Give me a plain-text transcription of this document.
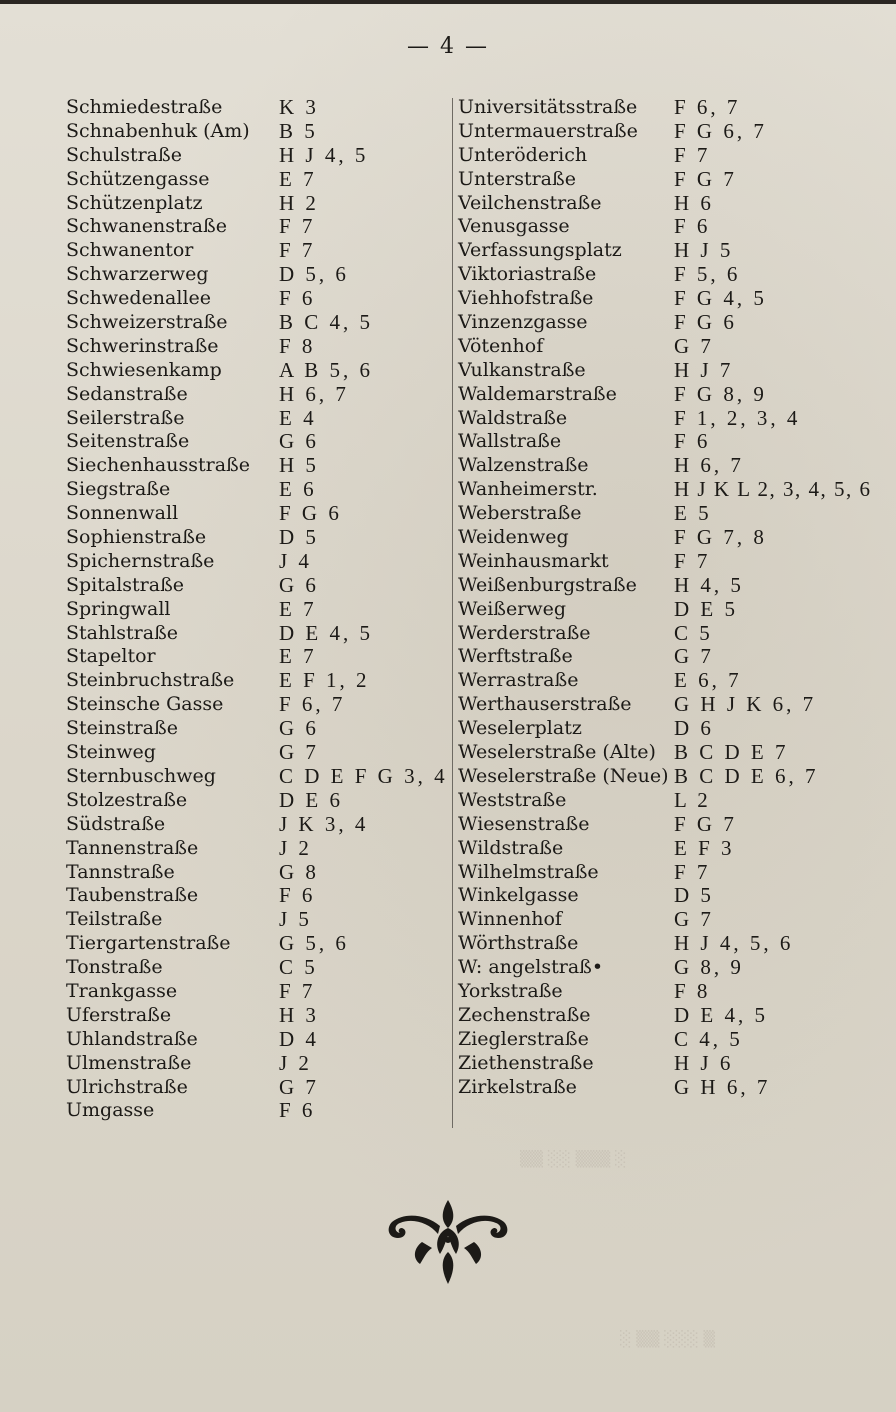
— 4 —
Schmiedestraße	K 3
Schnabenhuk (Am) B 5
Schulstraße	H J 4, 5
Schützengasse	E 7
Schützenplatz	H 2
Schwanenstraße F 7
Schwanentor	F 7
Schwarzerweg	D 5, 6
Schwedenallee	F 6
Schweizerstraße B C 4, 5
Schwerinstraße	F 8
Schwiesenkamp	A B 5, 6
Sedanstraße	H 6, 7
Seilerstraße	E 4
Seitenstraße	G 6
Siechenhausstraße H 5
Siegstraße	E 6
Sonnenwall	F G 6
Sophienstraße	D 5
Spichernstraße	J 4
Spitalstraße	G 6
Springwall	E 7
Stahlstraße	D E 4, 5
Stapeltor	E 7
Steinbruchstraße E F 1, 2
Steinsche Gasse	F 6, 7
Steinstraße	G 6
Steinweg	G 7
Sternbuschweg	C D E F G 3, 4
Stolzestraße	D E 6
Südstraße	J K 3, 4
Tannenstraße	J 2
Tannstraße	G 8
Taubenstraße	F 6
Teilstraße	J 5
Tiergartenstraße G 5, 6
Tonstraße	C 5
Trankgasse	F 7
Uferstraße	H 3
Uhlandstraße	D 4
Ulmenstraße	J 2
Ulrichstraße	G 7
Umgasse	F 6
Universitätsstraße F 6, 7
Untermauerstraße F G 6, 7
Unteröderich	F 7
Unterstraße	F G 7
Veilchenstraße	H 6
Venusgasse	F 6
Verfassungsplatz H J 5
Viktoriastraße	F 5, 6
Viehhofstraße	F G 4, 5
Vinzenzgasse	F G 6
Vötenhof	G 7
Vulkanstraße	H J 7
Waldemarstraße	F G 8, 9
Waldstraße	F 1, 2, 3, 4
Wallstraße	F 6
Walzenstraße	H 6, 7
Wanheimerstr.	H J K L 2, 3, 4, 5, 6
Weberstraße	E 5
Weidenweg	F G 7, 8
Weinhausmarkt	F 7
Weißenburgstraße H 4, 5
Weißerweg	D E 5
Werderstraße	C 5
Werftstraße	G 7
Werrastraße	E 6, 7
Werthauserstraße G H J K 6, 7
Weselerplatz	D 6
Weselerstraße (Alte) B C D E 7
Weselerstraße (Neue) B C D E 6, 7
Weststraße	L 2
Wiesenstraße	F G 7
Wildstraße	E F 3
Wilhelmstraße	F 7
Winkelgasse	D 5
Winnenhof	G 7
Wörthstraße	H J 4, 5, 6
W: angelstraß•	G 8, 9
Yorkstraße	F 8
Zechenstraße	D E 4, 5
Zieglerstraße	C 4, 5
Ziethenstraße	H J 6
Zirkelstraße	G H 6, 7
▒▒ ░░ ▒▒▒ ░
░ ▒▒ ░░░ ▒
